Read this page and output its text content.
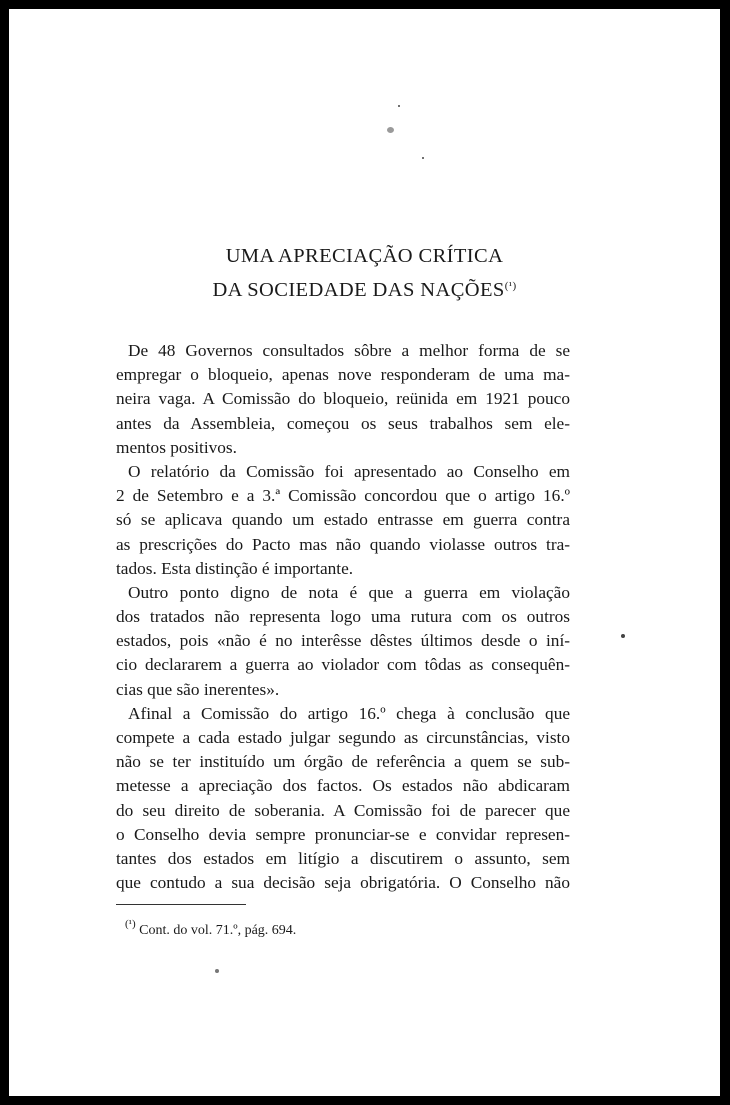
UMA APRECIAÇÃO CRÍTICA
DA SOCIEDADE DAS $NAÇÕES^{(^1)}$
De 48 Governos consultados sôbre a melhor forma de se
empregar o bloqueio, apenas nove responderam de uma ma-
neira vaga. A Comissão do bloqueio, reünida em 1921 pouco
antes da Assembleia, começou os seus trabalhos sem ele-
mentos positivos.
O relatório da Comissão foi apresentado ao Conselho em
2 de Setembro e a 3.ª Comissão concordou que o artigo 16.º
só se aplicava quando um estado entrasse em guerra contra
as prescrições do Pacto mas não quando violasse outros tra-
tados. Esta distinção é importante.
Outro ponto digno de nota é que a guerra em violação
dos tratados não representa logo uma rutura com os outros
estados, pois «não é no interêsse dêstes últimos desde o iní-
cio declararem a guerra ao violador com tôdas as consequên-
cias que são inerentes».
Afinal a Comissão do artigo 16.º chega à conclusão que
compete a cada estado julgar segundo as circunstâncias, visto
não se ter instituído um órgão de referência a quem se sub-
metesse a apreciação dos factos. Os estados não abdicaram
do seu direito de soberania. A Comissão foi de parecer que
o Conselho devia sempre pronunciar-se e convidar represen-
tantes dos estados em litígio a discutirem o assunto, sem
que contudo a sua decisão seja obrigatória. O Conselho não
$^{(^1)}$ Cont. do vol. 71.º, pág. 694.
